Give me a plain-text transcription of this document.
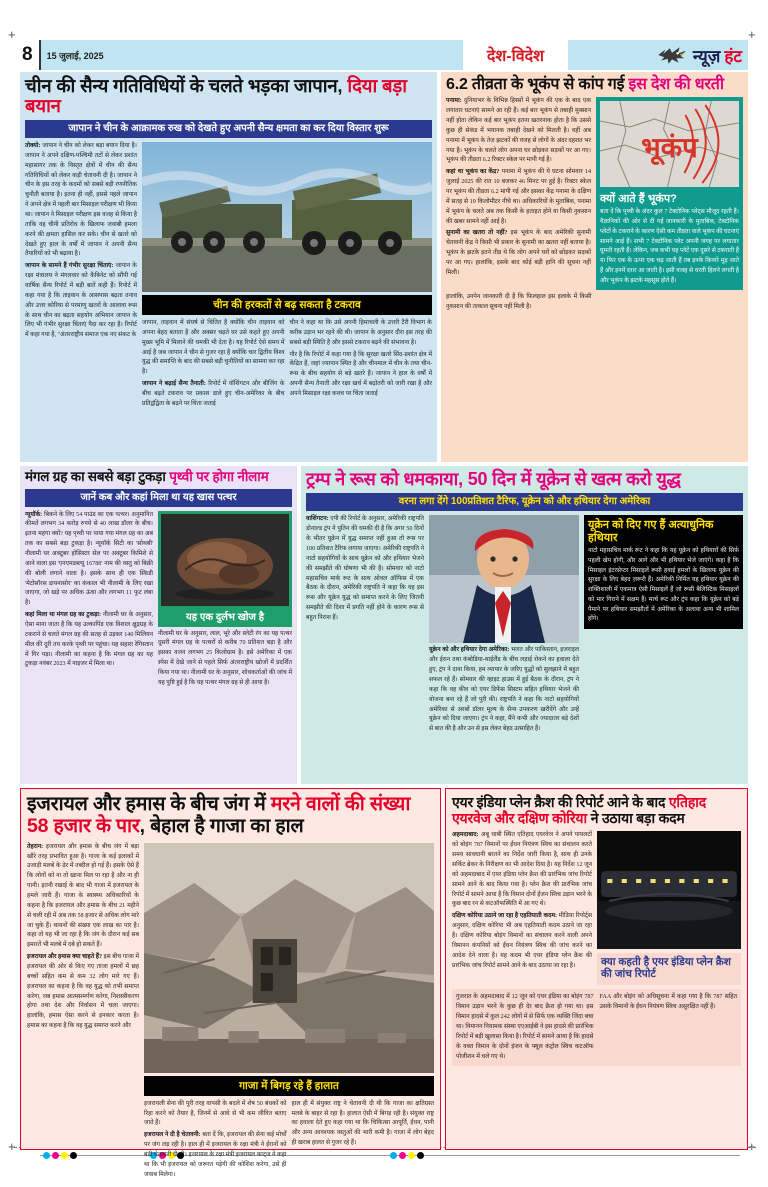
+	+
+	+
8	15 जुलाई, 2025	देश-विदेश	न्यूज़ हंट
चीन की सैन्य गतिविधियों के चलते भड़का जापान, दिया बड़ा बयान
जापान ने चीन के आक्रामक रुख को देखते हुए अपनी सैन्य क्षमता का कर दिया विस्तार शुरू
तोक्यो: जापान ने चीन को लेकर बड़ा बयान दिया है। जापान ने अपने दक्षिण-पश्चिमी तटों से लेकर प्रशांत महासागर तक के विस्तृत क्षेत्रों में चीन की सैन्य गतिविधियों को लेकर कड़ी चेतावनी दी है। जापान ने चीन के इस तरह के कदमों को सबसे बड़ी रणनीतिक चुनौती बताया है। इतना ही नहीं, इससे पहले जापान ने अपने क्षेत्र में पहली बार मिसाइल परीक्षण भी किया था। जापान ने मिसाइल परीक्षण इस वजह से किया है ताकि वह चीनी प्रतिरोध के खिलाफ जवाबी हमला करने की क्षमता हासिल कर सके। चीन से खतरे को देखते हुए हाल के वर्षों में जापान ने अपनी सैन्य तैयारियों को भी बढ़ाया है।
जापान के सामने हैं गंभीर सुरक्षा चिंताएं: जापान के रक्षा मंत्रालय ने मंगलवार को कैबिनेट को सौंपी गई वार्षिक सैन्य रिपोर्ट में बड़ी बातें कही हैं। रिपोर्ट में कहा गया है कि ताइवान के आसपास बढ़ता तनाव और उत्तर कोरिया से परमाणु खतरों के आलावा रूस के साथ चीन का बढ़ता सहयोग अभियान जापान के लिए भी गंभीर सुरक्षा चिंताएं पैदा कर रहा है। रिपोर्ट में कहा गया है, "अंतरराष्ट्रीय समाज एक नए संकट के
चीन की हरकतों से बढ़ सकता है टकराव
जापान, ताइवान में संघर्ष से चिंतित है क्योंकि चीन ताइवान को अपना बेहद बताता है और अक्सर चढ़ते घर उसे कहते हुए अपनी मुख्य भूमि में मिलाने की धमकी भी देता है। यह रिपोर्ट ऐसे समय में आई है जब जापान ने चीन से गुजर रहा है क्योंकि चार द्वितीय विश्व युद्ध की समाप्ति के बाद की सबसे बड़ी चुनौतियों का सामना कर रहा है।
जापान ने बढ़ाई सैन्य तैनाती: रिपोर्ट में वॉशिंगटन और बीजिंग के बीच बढ़ते टकराव पर प्रकाश डाले हुए चीन-अमेरिका के बीच प्रतिद्वंद्विता के बढ़ने पर चिंता जताई
चीन ने कहा था कि उसे अपनी हिमाचली के उत्तरी टैरी विभाग के करीब उड़ान भर रहने की थी। जापान के अनुसार दौरा इस तरह की सबसे बड़ी स्थिति है और इससे टकराव बढ़ने की संभावना है।
गौर है कि रिपोर्ट में कहा गया है कि सुरक्षा खतरे सिंद-प्रशांत क्षेत्र में केंद्रित हैं, जहां ज्यापान स्थित है और चीनमाल में चीन के तथा चीन-रूस के बीच सहयोग से बड़े खतरे हैं। जापान ने हाल के वर्षों में अपनी सैन्य तैनाती और रक्षा खर्च में बढ़ोतरी को जारी रखा है और अपने मिसाइल रक्षा कवच पर चिंता जताई
6.2 तीव्रता के भूकंप से कांप गई इस देश की धरती
पनामा: दुनियाभर के विभिन्न हिस्सों में भूकंप की एक के बाद एक लगातार घटनाएं सामने आ रही हैं। कई बार भूकंप से तबाही मुक्सान नहीं होता लेकिन कई बार भूकंप इतना खतरनाक होता है कि उससे कुछ ही सेकंड में भयानक तबाही देखने को मिलती है। वहीं अब पनामा में भूकंप के तेज़ झटकों की वजह से लोगों के अंदर दहशत भर गया है। भूकंप के चलते लोग अपना घर छोड़कर सड़कों पर आ गए। भूकंप की तीव्रता 6.2 रिक्टर स्केल पर मापी गई है।
कहां था भूकंप का केंद्र? पनामा में भूकंप की ये घटना सोमवार 14 जुलाई 2025 की रात 10 बजकर 46 मिनट पर हुई है। रिक्टर स्केल पर भूकंप की तीव्रता 6.2 मापी गई और इसका केंद्र पनामा के दक्षिण में सतह से 10 किलोमीटर नीचे था। अधिकारियों के मुताबिक, पनामा में भूकंप के चलते अब तक किसी के हताहत होने या किसी नुकसान की खबर सामने नहीं आई है।
सुनामी का खतरा तो नहीं? इस भूकंप के बाद अमेरिकी सुनामी चेतावनी केंद्र ने किसी भी प्रकार के सुनामी का खतरा नहीं बताया है। भूकंप के झटके इतने तीव्र थे कि लोग अपने घरों को छोड़कर सड़कों पर आ गए। हालांकि, इसके बाद कोई बड़ी हानि की सूचना नहीं मिली।
भूकंप
क्यों आते हैं भूकंप?
बता दें कि पृथ्वी के अंदर कुल 7 टेक्टोनिक प्लेट्स मौजूद रहती हैं। वैज्ञानिकों की ओर से दी गई जानकारी के मुताबिक, टेक्टोनिक प्लेटों के टकराने के कारण ऐसी कम तीव्रता वाले भूकंप की घटनाएं सामने आई हैं। सभी 7 टेक्टोनिक प्लेट अपनी जगह पर लगातार घूमती रहती हैं। लेकिन, जब कभी यह प्लेटें एक दूसरे से टकराती हैं या फिर एक के ऊपर एक चढ़ जाती हैं तब इनके किनारे मुड़ जाते हैं और इनमें दरार आ जाती है। इसी वजह से धरती हिलने लगती है और भूकंप के झटके महसूस होते हैं।
हालांकि, उनपेन जानकारी दी है कि फ़िलहाल इस इलाके में किसी नुकसान की तत्काल सूचना नहीं मिली है।
मंगल ग्रह का सबसे बड़ा टुकड़ा पृथ्वी पर होगा नीलाम
जानें कब और कहां मिला था यह खास पत्थर
न्यूयॉर्क: बिकने के लिए 54 पाउंड का एक पत्थर। अनुमानित कीमतें लगभग 34 करोड़ रुपये से 40 लाख डॉलर के बीच। इतना महंगा क्यों? यह पृथ्वी पर पाया गया मंगल ग्रह का अब तक का सबसे बड़ा टुकड़ा है। न्यूयॉर्क सिटी का 'सोथबी' नीलामी घर अक्टूबर होसिस्टर सेल पर अक्टूबर किमिशे से आने वाला इस 'एनएमडब्ल्यू 16788' नाम की वस्तु को बिक्री की बोली लगाने वाला है। इसके साथ ही एक स्किडी 'मेटोसॉरस डायनासोर' का कंकाल भी नीलामी के लिए रखा जाएगा, जो खड़े पर अधिक ऊंचा और लगभग 11 फुट लंबा है।
कहां मिला था मंगल ग्रह का टुकड़ा: नीलामी घर के अनुसार, ऐसा माना जाता है कि यह उल्कापिंड एक विशाल क्षुद्रग्रह के टकराने से चलते मंगल ग्रह की सतह से उड़कर 140 मिलियन मील की दूरी तय करके पृथ्वी पर पहुंचा। यह सहारा रेगिस्तान में गिर पड़ा। नीलामी का कहना है कि मंगल ग्रह का यह टुकड़ा नवंबर 2023 में नाइजर में मिला था।
यह एक दुर्लभ खोज है
नीलामी घर के अनुसार, लाल, भूरे और स्लेटी रंग का यह पत्थर दूसरी मंगल ग्रह के पत्थरों से करीब 70 प्रतिशत बड़ा है और इसका वजन लगभग 25 किलोग्राम है। इसे अमेरिका में एक स्पेस में देखे जाने से पहले सिर्फ अंतरराष्ट्रीय खोजों में प्रदर्शित किया गया था। नीलामी घर के अनुसार, शोधकर्ताओं की जांच में यह पुष्टि हुई है कि यह पत्थर मंगल ग्रह से ही आया है।
ट्रम्प ने रूस को धमकाया, 50 दिन में यूक्रेन से खत्म करो युद्ध
वरना लगा देंगे 100प्रतिशत टैरिफ, यूक्रेन को और हथियार देगा अमेरिका
वाशिंगटन: एपी की रिपोर्ट के अनुसार, अमेरिकी राष्ट्रपति डोनाल्ड ट्रंप ने पुतिन की धमकी दी है कि अगर 50 दिनों के भीतर यूक्रेन में युद्ध समाप्त नहीं हुआ तो रूस पर 100 प्रतिशत टैरिफ लगाया जाएगा। अमेरिकी राष्ट्रपति ने नाटो सहयोगियों के साथ यूक्रेन को और हथियार भेजने की समझौते की घोषणा भी की है। सोमवार को नाटो महासचिव मार्क रूट के साथ ओवल ऑफिस में एक बैठक के दौरान, अमेरिकी राष्ट्रपति ने कहा कि वह इस रूस और यूक्रेन युद्ध को समाप्त करने के लिए जितनी समझौते की दिशा में प्रगति नहीं होने के कारण रूस से बहुत निराश हैं।
यूक्रेन को और हथियार देगा अमेरिका: भारत और पाकिस्तान, इजराइल और ईरान तथा कंबोडिया-थाईलैंड के बीच लड़ाई रोकने का हवाला देते हुए, ट्रंप ने दावा किया, हम व्यापार के जरिए युद्धों को सुलझाने में बहुत सफल रहे हैं। सोमवार की व्हाइट हाउस में हुई बैठक के दौरान, ट्रंप ने कहा कि वह कीव को एयर डिफेंस सिस्टम सहित हथियार भेजने की योजना बना रहे हैं जो पुरी की। राष्ट्रपति ने कहा कि नाटो सहयोगियों अमेरिका से अरबों डॉलर मूल्य के सैन्य उपकरण खरीदेंगे और उन्हें यूक्रेन को दिया जाएगा। ट्रंप ने कहा, मैंने कभी और ज्यादातर बड़े देशों से बात की है और उन से इस लेकर बेहद उत्साहित हैं।
यूक्रेन को दिए गए हैं अत्याधुनिक हथियार

नाटो महासचिव मार्क रूट ने कहा कि यह यूक्रेन को हथियारों की सिर्फ़ पहली खेप होगी, और आगे और भी हथियार भेजे जाएंगे। कहा है कि मिसाइल इंटरसेप्टर मिसाइलें रूसी हवाई हमलों के खिलाफ यूक्रेन की सुरक्षा के लिए बेहद ज़रूरी हैं। अमेरिकी निर्मित यह हथियार यूक्रेन की शक्तिशाली में एकमात्र ऐसी मिसाइलें हैं जो रूसी बैलिस्टिक मिसाइलों को मार गिराने में सक्षम हैं। मार्च रूट और ट्रंप कहा कि यूक्रेन को बड़े पैमाने पर हथियार समझौतों में अमेरिका के अलावा अन्य भी शामिल होंगे।

इजरायल और हमास के बीच जंग में मरने वालों की संख्या 58 हजार के पार, बेहाल है गाजा का हाल
तेहरान: इजरायल और हमास के बीच जंग में बड़ा खौरे तरह प्रभावित हुआ है। गाजा के कई इलाकों में उजाड़ी मलबे के ढेर में तब्दील हो गई हैं। इसके ऐसे हैं कि लोगों को ना तो खाना मिल पा रहा है और ना ही पानी। इतनी रखाई के बाद भी गाजा में इजरायल के हमले जारी हैं। गाजा के स्वास्थ्य अधिकारियों के कहना है कि इजरायल और हमास के बीच 21 महीने से चली रही में अब तक 58 हजार से अधिक लोग मारे जा चुके हैं। थायनों की संख्या एक लाख का पार है। कहा तो यह भी जा रहा है कि जंग के दौरान कई सब इमारतें भी मलबे में दबे हो सकते हैं।
इजरायल और हमास क्या चाहते हैं? इस बीच गाजा में इजरायल की ओर से किए गए ताजा हमलों में छह बच्चों सहित कम से कम 32 लोग मारे गए हैं। इजरायल का कहना है कि वह युद्ध को तभी समाप्त करेगा, जब हमास आत्मसमर्पण करेगा, निशस्त्रीकरण होगा तथा देश और निर्वासन में चला जाएगा। हालांकि, हमास ऐसा करने से इनकार करता है। हमास का कहना है कि वह युद्ध समाप्त करने और
गाजा में बिगड़ रहे हैं हालात
इजरायली सेना की पूरी तरह वापसी के बदले में शेष 50 बंधकों को रिहा करने को तैयार है, जिनमें से आधे से भी कम जीवित बताए जाते हैं।
इजरायल ने दी है चेतावनी: बता दें कि, इजरायल की सेना कई मोर्चों पर जंग लड़ रही है। हाल ही में इजरायल के रक्षा मंत्री ने ईरानों को बड़ी चेतावनी दी थी। इजरायल के रक्षा मंत्री इजरायल काट्ज ने कहा था कि भी इजरायल को जरूरत पड़ेगी की कोशिश करेगा, उसे ही जवाब मिलेगा।
हाल ही में संयुक्त राष्ट्र ने चेतावनी दी थी कि गाजा का क्षतिग्रस्त मलबे के बाहर से रहा है। हालात ऐसी में बिगड़ रही है। संयुक्त राष्ट्र का हवाला देते हुए कहा गया था कि चिकित्सा आपूर्ति, ईंधन, पानी और अन्य आवश्यक वस्तुओं की भारी कमी है। गाजा में लोग बेहद ही खराब हालत से गुजर रहे हैं।
एयर इंडिया प्लेन क्रैश की रिपोर्ट आने के बाद एतिहाद एयरवेज और दक्षिण कोरिया ने उठाया बड़ा कदम
अहमदाबाद: अबू धाबी स्थित एतिहाद एयरवेज ने अपने पायलटों को बोइंग 787 विमानों पर ईंधन नियंत्रण स्विच का संचालन करते समय सावधानी बरतने का निर्देश जारी किया है, साथ ही उनके सर्किट ब्रेकर के निरीक्षण का भी आदेश दिया है। यह निर्देश 12 जून को अहमदाबाद में एयर इंडिया प्लेन क्रैश की प्रारंभिक जांच रिपोर्ट सामने आने के बाद किया गया है। प्लेन क्रैश की प्रारंभिक जांच रिपोर्ट में सामने आया है कि विमान दोनों ईंजन स्विच उड़ान भरने के कुछ बाद रन से कटऑफस्थिति में आ गए थे।
दक्षिण कोरिया उठाने जा रहा है एहतियाती कदम: मीडिया रिपोर्ट्स अनुसार, दक्षिण कोरिया भी अब एहतियाती कदम उठाने जा रहा है। दक्षिण कोरिया बोइंग विमानों का संचालन करने वाली अपने विमानन कंपनियों को ईंधन नियंत्रण स्विच की जांच करने का आदेश देने वाला है। यह कदम भी एयर इंडिया प्लेन क्रैश की प्रारंभिक जांच रिपोर्ट सामने आने के बाद उठाया जा रहा है।	क्या कहती है एयर इंडिया प्लेन क्रैश की जांच रिपोर्ट
गुजरात के अहमदाबाद में 12 जून को एयर इंडिया का बोइंग 787 विमान उड़ान भरने के कुछ ही देर बाद क्रैश हो गया था। इस विमान हादसे में कुल 242 लोगों में से सिर्फ एक व्यक्ति जिंदा बचा था। विमानन नियामक संस्था एएआईबी ने इस हादसे की प्रारंभिक रिपोर्ट में बड़ी खुलासा किया है। रिपोर्ट में सामने आया है कि हादसे के वक्त विमान के दोनों इंजन के फ्यूल कंट्रोल स्विच कटऑफ पोजीशन में चले गए थे।
FAA और बोइंग को अधिसूचना में कहा गया है कि 787 सहित उसके विमानों के ईंधन नियंत्रण स्विच असुरक्षित नहीं हैं।
